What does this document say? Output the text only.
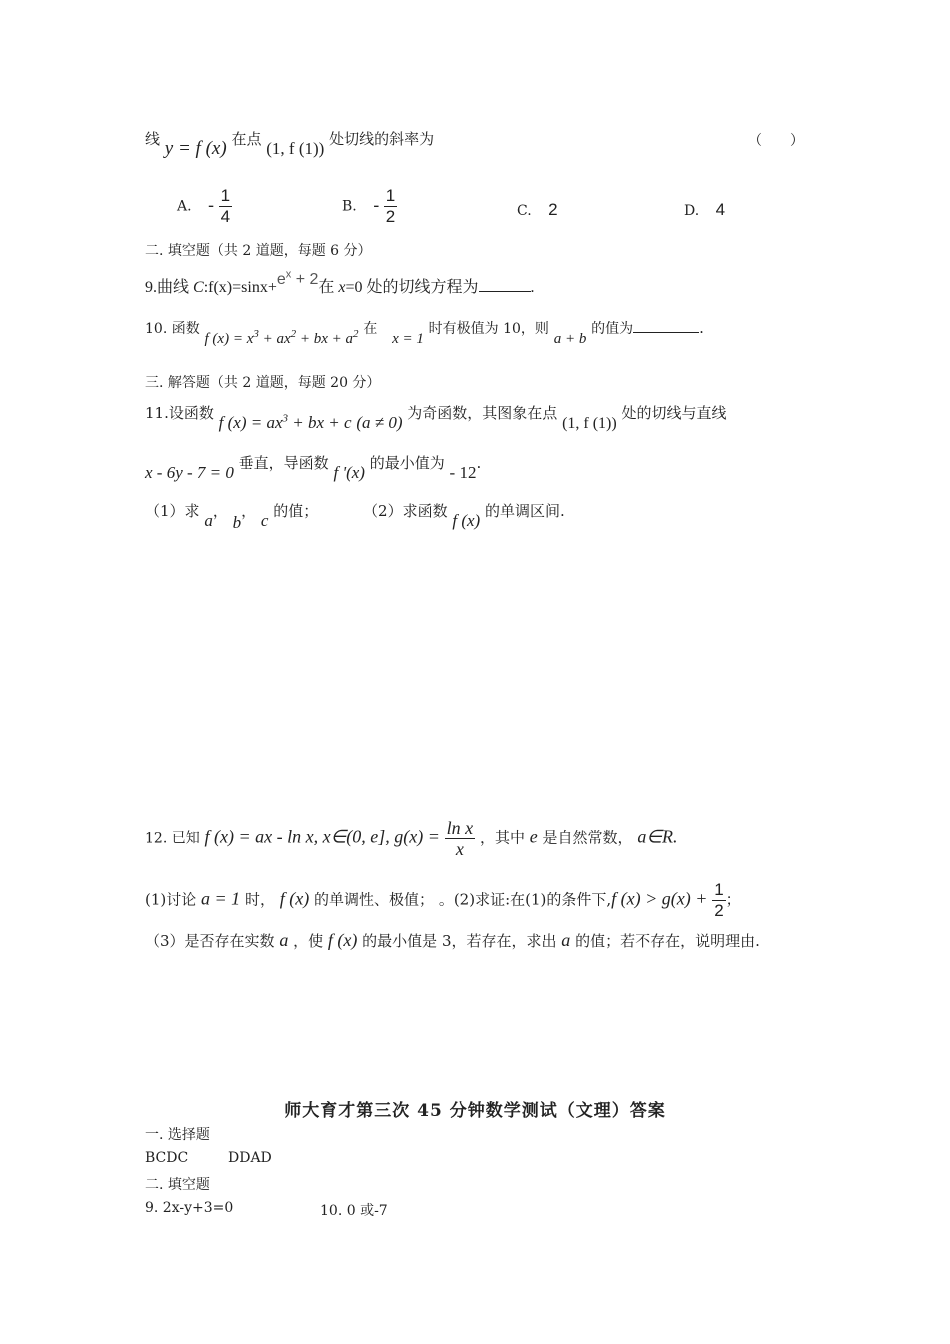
线 y = f (x) 在点 (1, f (1)) 处切线的斜率为	（　　）
A. - $\frac{1}{4}$	B. - $\frac{1}{2}$	C. 2	D. 4
二. 填空题（共 2 道题，每题 6 分）
9.曲线 $C:f(x)=\sin x+e^x + 2$在 x=0 处的切线方程为	.
10. 函数 f $(x) = x^3 + ax^2$ + bx + $a^2$ 在 x = 1 时有极值为 10，则 a + b 的值为	.
三. 解答题（共 2 道题，每题 20 分）
11.设函数 f $(x) = ax^3$ + bx + c (a ≠ 0) 为奇函数，其图象在点 (1, f (1)) 处的切线与直线
x - 6y - 7 = 0 垂直，导函数 f '(x) 的最小值为 - 12.
（1）求 a， b， c 的值；	（2）求函数 f (x) 的单调区间.
12. 已知 f (x) = ax - ln x, x∈(0, e], $g(x) = \frac{\text{ln x}}{x}$ ，其中 e 是自然常数， a∈R.
(1)讨论 a = 1 时， f (x) 的单调性、极值； 。(2)求证:在(1)的条件下,f $(x) > g(x) + \frac{1}{2}$ ；
（3）是否存在实数 a ，使 f (x) 的最小值是 3，若存在，求出 a 的值；若不存在，说明理由.
师大育才第三次 45 分钟数学测试（文理）答案
一. 选择题
BCDC	DDAD
二. 填空题
9. 2x-y+3=0	10. 0 或-7
